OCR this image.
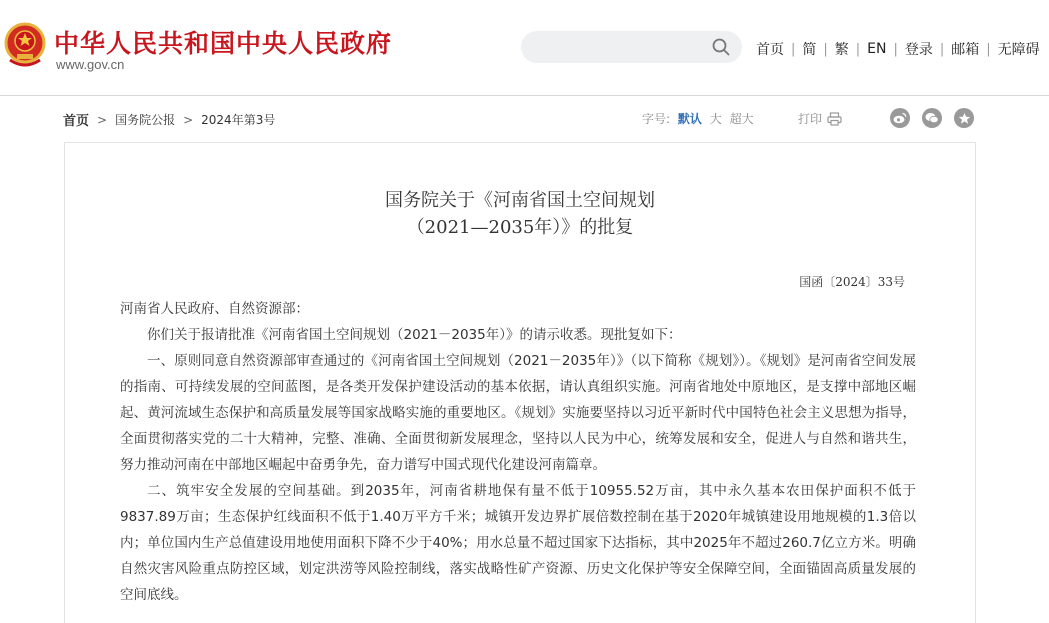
中华人民共和国中央人民政府
www.gov.cn
首页 | 简 | 繁 | EN | 登录 | 邮箱 | 无障碍
首页 > 国务院公报 > 2024年第3号	字号: 默认 大 超大	打印
国务院关于《河南省国土空间规划
（2021—2035年）》的批复
国函〔2024〕33号

河南省人民政府、自然资源部：

你们关于报请批准《河南省国土空间规划（2021－2035年）》的请示收悉。现批复如下：

一、原则同意自然资源部审查通过的《河南省国土空间规划（2021－2035年）》（以下简称《规划》）。《规划》是河南省空间发展的指南、可持续发展的空间蓝图，是各类开发保护建设活动的基本依据，请认真组织实施。河南省地处中原地区，是支撑中部地区崛起、黄河流域生态保护和高质量发展等国家战略实施的重要地区。《规划》实施要坚持以习近平新时代中国特色社会主义思想为指导，全面贯彻落实党的二十大精神，完整、准确、全面贯彻新发展理念，坚持以人民为中心，统筹发展和安全，促进人与自然和谐共生，努力推动河南在中部地区崛起中奋勇争先，奋力谱写中国式现代化建设河南篇章。

二、筑牢安全发展的空间基础。到2035年，河南省耕地保有量不低于10955.52万亩，其中永久基本农田保护面积不低于9837.89万亩；生态保护红线面积不低于1.40万平方千米；城镇开发边界扩展倍数控制在基于2020年城镇建设用地规模的1.3倍以内；单位国内生产总值建设用地使用面积下降不少于40%；用水总量不超过国家下达指标，其中2025年不超过260.7亿立方米。明确自然灾害风险重点防控区域，划定洪涝等风险控制线，落实战略性矿产资源、历史文化保护等安全保障空间，全面锚固高质量发展的空间底线。
